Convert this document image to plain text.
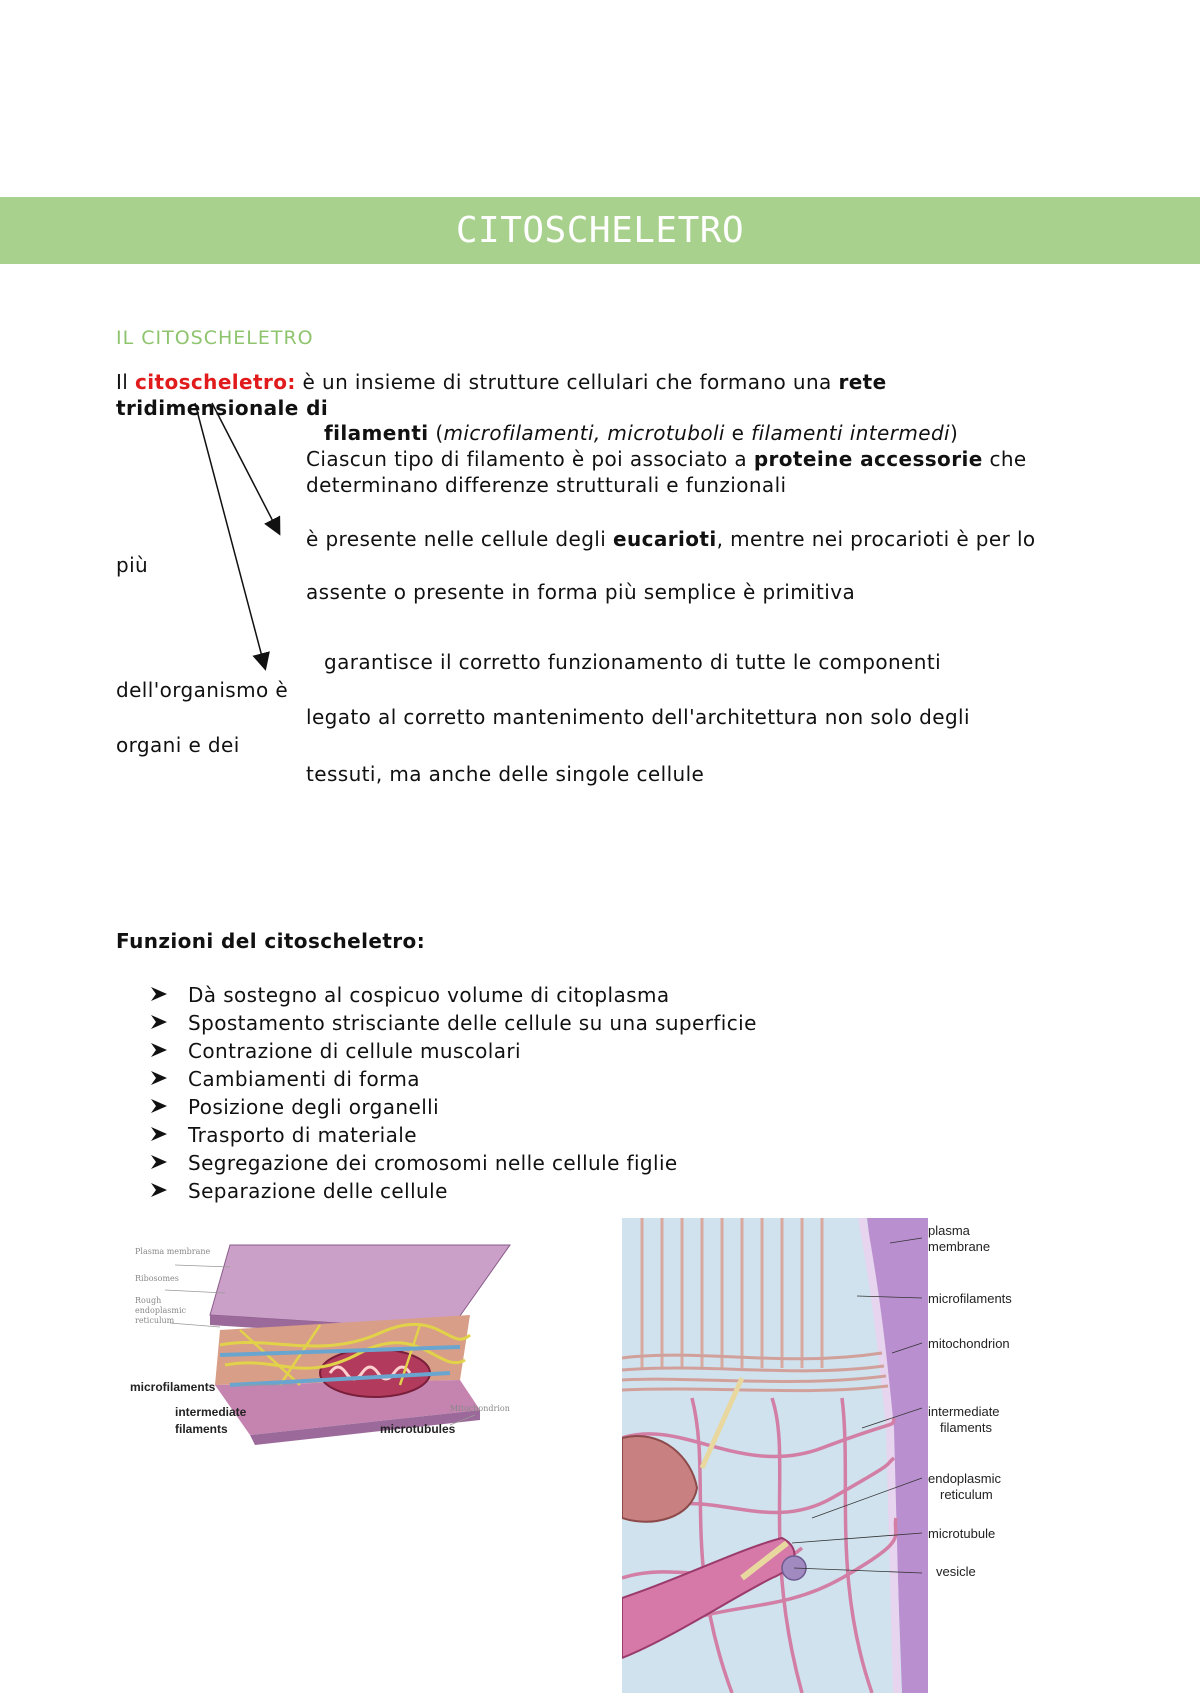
CITOSCHELETRO
IL CITOSCHELETRO
Il citoscheletro: è un insieme di strutture cellulari che formano una rete
tridimensionale di
filamenti (microfilamenti, microtuboli e filamenti intermedi)
Ciascun tipo di filamento è poi associato a proteine accessorie che
determinano differenze strutturali e funzionali
è presente nelle cellule degli eucarioti, mentre nei procarioti è per lo
più
assente o presente in forma più semplice è primitiva
garantisce il corretto funzionamento di tutte le componenti
dell'organismo è
legato al corretto mantenimento dell'architettura non solo degli
organi e dei
tessuti, ma anche delle singole cellule
Funzioni del citoscheletro:
Dà sostegno al cospicuo volume di citoplasma
Spostamento strisciante delle cellule su una superficie
Contrazione di cellule muscolari
Cambiamenti di forma
Posizione degli organelli
Trasporto di materiale
Segregazione dei cromosomi nelle cellule figlie
Separazione delle cellule
Plasma membrane
Ribosomes
Rough
endoplasmic
reticulum
microfilaments
intermediate
filaments	microtubules
Mitochondrion
plasma
membrane
microfilaments
mitochondrion
intermediate
filaments
endoplasmic
reticulum
microtubule
vesicle
